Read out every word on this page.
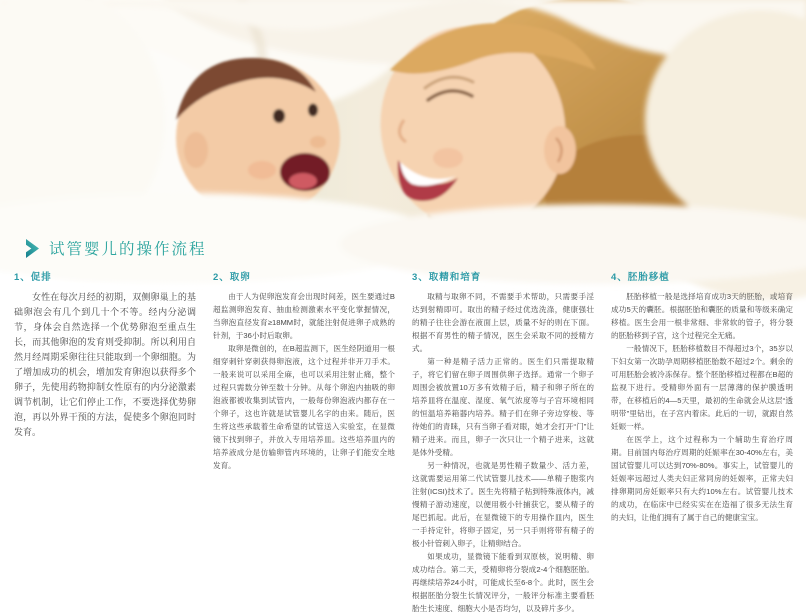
试管婴儿的操作流程
1、促排

女性在每次月经的初期，双侧卵巢上的基础卵泡会有几个到几十个不等。经内分泌调节，身体会自然选择一个优势卵泡至重点生长，而其他卵泡的发育则受抑制。所以利用自然月经周期采卵往往只能取到一个卵细胞。为了增加成功的机会，增加发育卵泡以获得多个卵子，先使用药物抑制女性原有的内分泌激素调节机制，让它们停止工作，不要选择优势卵泡，再以外界干预的方法，促使多个卵泡同时发育。

2、取卵

由于人为促卵泡发育会出现时间差，医生要通过B超监测卵泡发育、抽血检测激素水平变化掌握情况，当卵泡直径发育≥18MM时，就能注射促进卵子成熟的针剂，于36小时后取卵。

取卵是微创的，在B超监测下，医生经阴道用一根细穿刺针穿刺获得卵泡液，这个过程并非开刀手术。一般来说可以采用全麻，也可以采用注射止痛，整个过程只需数分钟至数十分钟。从每个卵泡内抽吸的卵泡液都被收集到试管内，一般每份卵泡液内都存在一个卵子，这也许就是试管婴儿名字的由来。随后，医生将这些承载着生命希望的试管送入实验室，在显微镜下找到卵子，并放入专用培养皿。这些培养皿内的培养液成分是仿输卵管内环境的，让卵子们能安全地发育。

3、取精和培育

取精与取卵不同，不需要手术帮助，只需要手淫达到射精即可。取出的精子经过优选洗涤，健康强壮的精子往往会游在液面上层，质量不好的则在下面。根据不育男性的精子情况，医生会采取不同的授精方式。

第一种是精子活力正常的。医生们只需提取精子，将它们留在卵子周围供卵子选择。通常一个卵子周围会被放置10万多有效精子后，精子和卵子所在的培养皿将在温度、湿度、氧气浓度等与子宫环境相同的恒温培养箱器内培养。精子们在卵子旁边穿梭、等待她们的青睐，只有当卵子看对眼，她才会打开“门”让精子进来。而且，卵子一次只让一个精子进来，这就是体外受精。

另一种情况，也就是男性精子数量少、活力差，这就需要运用第二代试管婴儿技术——单精子胞浆内注射(ICSI)技术了。医生先将精子粘到特殊液体内，减慢精子游动速度，以便用极小针捕获它，要从精子的尾巴抓起。此后，在显微镜下的专用操作皿内，医生一手持定针，将卵子固定，另一只手则将带有精子的极小针管刺入卵子，让精卵结合。

如果成功，显微镜下能看到双原核，说明精、卵成功结合。第二天，受精卵将分裂成2-4个细胞胚胎。再继续培养24小时，可能成长至6-8个。此时，医生会根据胚胎分裂生长情况评分，一般评分标准主要看胚胎生长速度、细胞大小是否均匀，以及碎片多少。

4、胚胎移植

胚胎移植一般是选择培育成功3天的胚胎，或培育成功5天的囊胚。根据胚胎和囊胚的质量和等级来确定移植。医生会用一根非常细、非常软的管子，将分裂的胚胎移到子宫，这个过程完全无痛。

一般情况下，胚胎移植数目不得超过3个，35岁以下妇女第一次助孕周期移植胚胎数不超过2个。剩余的可用胚胎会被冷冻保存。整个胚胎移植过程都在B超的监视下进行。受精卵外面有一层薄薄的保护膜透明带，在移植后的4—5天里，最初的生命就会从这层“透明带”里钻出，在子宫内着床。此后的一切，就跟自然妊娠一样。

在医学上，这个过程称为一个辅助生育治疗周期。目前国内每治疗周期的妊娠率在30-40%左右，美国试管婴儿可以达到70%-80%。事实上，试管婴儿的妊娠率远超过人类夫妇正常同房的妊娠率，正常夫妇排卵期同房妊娠率只有大约10%左右。试管婴儿技术的成功，在临床中已经实实在在造福了很多无法生育的夫妇，让他们拥有了属于自己的健康宝宝。
